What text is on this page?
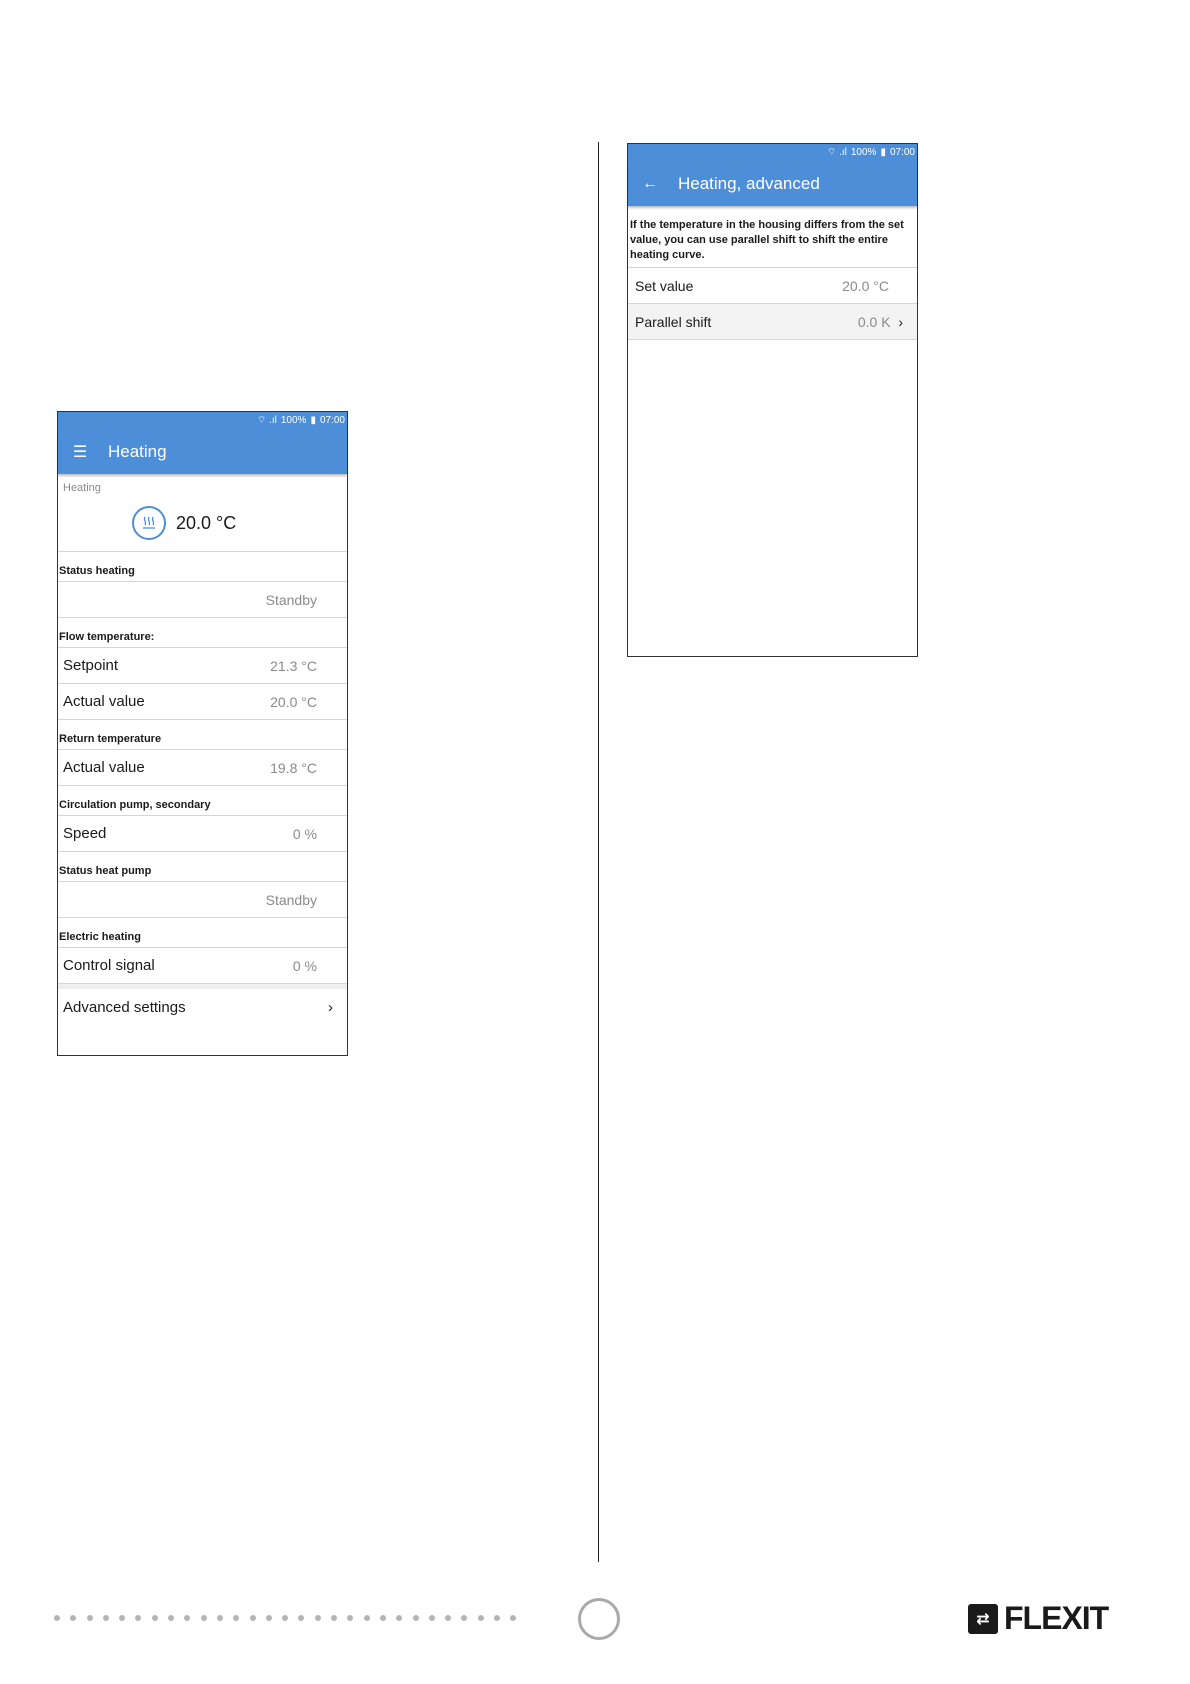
⌔ .ıl 100% ▮ 07:00
☰	Heating
Heating
20.0 °C
Status heating
Standby
Flow temperature:
Setpoint	21.3 °C
Actual value	20.0 °C
Return temperature
Actual value	19.8 °C
Circulation pump, secondary
Speed	0 %
Status heat pump
Standby
Electric heating
Control signal	0 %
Advanced settings	›
⌔ .ıl 100% ▮ 07:00
←	Heating, advanced
If the temperature in the housing differs from the set value, you can use parallel shift to shift the entire heating curve.
Set value	20.0 °C
Parallel shift	0.0 K  ›
⇄ FLEXIT
